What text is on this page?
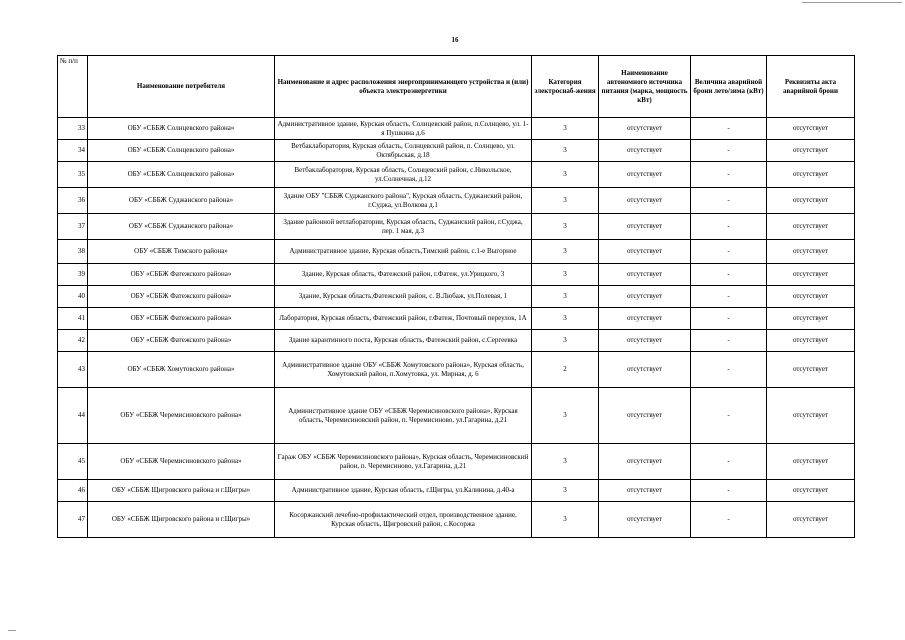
16
№ п/п	Наименование потребителя	Наименование и адрес расположения энергопринимающего устройства и (или) объекта электроэнергетики	Категория электроснаб-жения	Наименование автономного источника питания (марка, мощность кВт)	Величина аварийной брони лето/зима (кВт)	Реквизиты акта аварийной брони
33	ОБУ «СББЖ Солнцевского района»	Административное здание, Курская область, Солнцевский район, п.Солнцево, ул. 1-я Пушкина д.6	3	отсутствует	-	отсутствует
34	ОБУ «СББЖ Солнцевского района»	Ветбаклаборатория, Курская область, Солнцевский район, п. Солнцево, ул. Октябрьская, д.18	3	отсутствует	-	отсутствует
35	ОБУ «СББЖ Солнцевского района»	Ветбаклаборатория, Курская область, Солнцевский район, с.Никольское, ул.Солнечная, д.12	3	отсутствует	-	отсутствует
36	ОБУ «СББЖ Суджанского района»	Здание ОБУ "СББЖ Суджанского района", Курская область, Суджанский район, г.Суджа, ул.Волкова д.1	3	отсутствует	-	отсутствует
37	ОБУ «СББЖ Суджанского района»	Здание районной ветлаборатории, Курская область, Суджанский район, г.Суджа, пер. 1 мая, д.3	3	отсутствует	-	отсутствует
38	ОБУ «СББЖ Тимского района»	Административное здание, Курская область,Тимский район, с.1-е Выгорное	3	отсутствует	-	отсутствует
39	ОБУ «СББЖ Фатежского района»	Здание, Курская область, Фатежский район, г.Фатеж, ул.Урицкого, 3	3	отсутствует	-	отсутствует
40	ОБУ «СББЖ Фатежского района»	Здание, Курская область,Фатежский район, с. В.Любаж, ул.Полевая, 1	3	отсутствует	-	отсутствует
41	ОБУ «СББЖ Фатежского района»	Лаборатория, Курская область, Фатежский район, г.Фатеж, Почтовый переулок, 1А	3	отсутствует	-	отсутствует
42	ОБУ «СББЖ Фатежского района»	Здание карантинного поста, Курская область, Фатежский район, с.Сергеевка	3	отсутствует	-	отсутствует
43	ОБУ «СББЖ Хомутовского района»	Административное здание ОБУ «СББЖ Хомутовского района», Курская область, Хомутовский район, п.Хомутовка, ул. Мирная, д. 6	2	отсутствует	-	отсутствует
44	ОБУ «СББЖ Черемисиновского района»	Административное здание ОБУ «СББЖ Черемисиновского района», Курская область, Черемисиновский район, п. Черемисиново, ул.Гагарина, д.21	3	отсутствует	-	отсутствует
45	ОБУ «СББЖ Черемисиновского района»	Гараж ОБУ «СББЖ Черемисиновского района», Курская область, Черемисиновский район, п. Черемисиново, ул.Гагарина, д.21	3	отсутствует	-	отсутствует
46	ОБУ «СББЖ Щигровского района и г.Щигры»	Административное здание, Курская область, г.Щигры, ул.Калинина, д.40-а	3	отсутствует	-	отсутствует
47	ОБУ «СББЖ Щигровского района и г.Щигры»	Косоржанский лечебно-профилактический отдел, производственное здание, Курская область, Щигровский район, с.Косоржа	3	отсутствует	-	отсутствует
